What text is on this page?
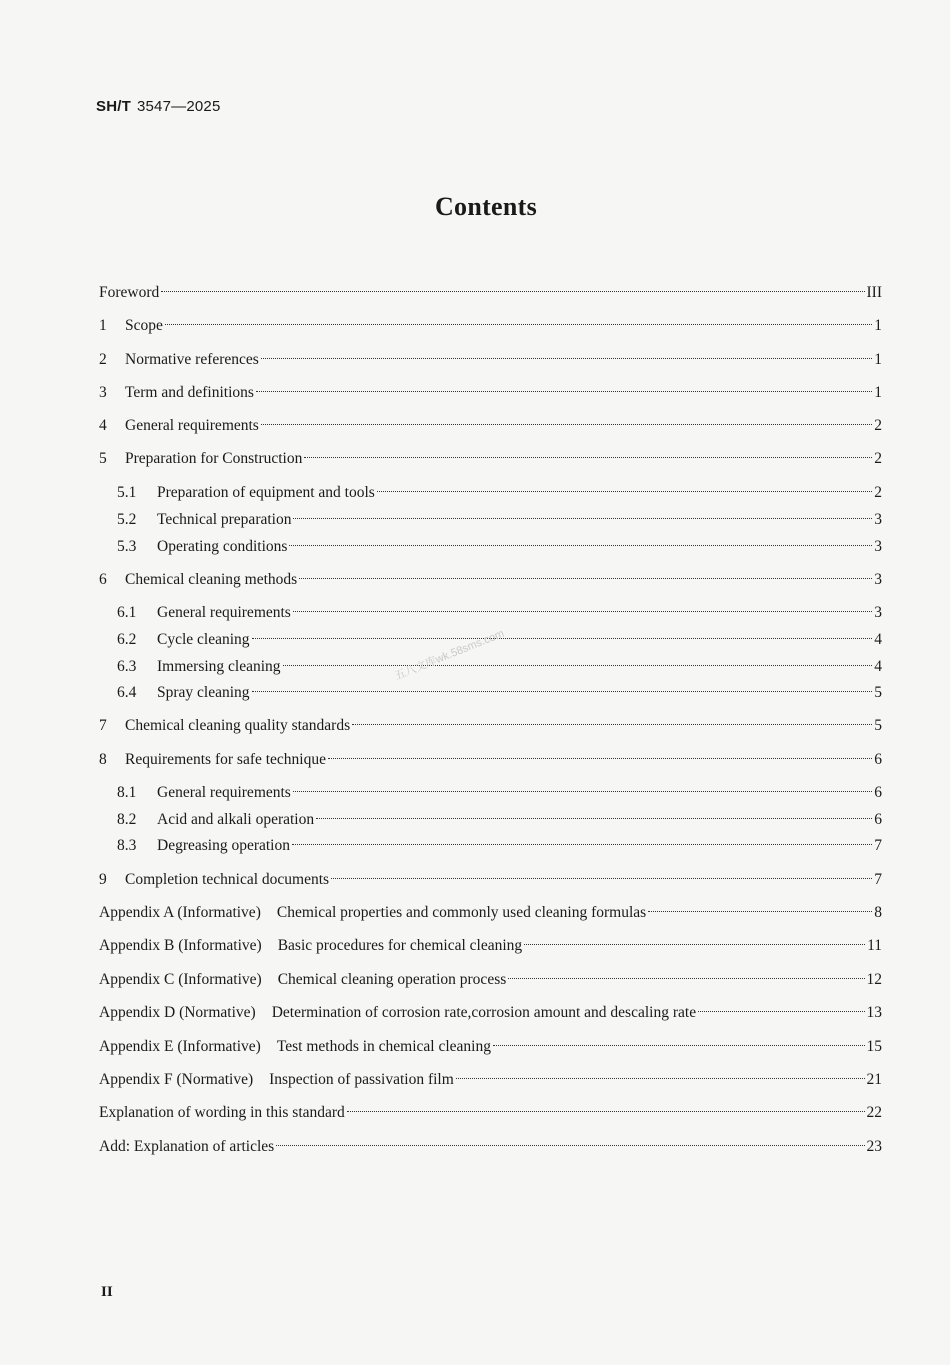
SH/T 3547—2025
Contents
Foreword	III
1	Scope	1
2	Normative references	1
3	Term and definitions	1
4	General requirements	2
5	Preparation for Construction	2
5.1	Preparation of equipment and tools	2
5.2	Technical preparation	3
5.3	Operating conditions	3
6	Chemical cleaning methods	3
6.1	General requirements	3
6.2	Cycle cleaning	4
6.3	Immersing cleaning	4
6.4	Spray cleaning	5
7	Chemical cleaning quality standards	5
8	Requirements for safe technique	6
8.1	General requirements	6
8.2	Acid and alkali operation	6
8.3	Degreasing operation	7
9	Completion technical documents	7
Appendix A (Informative) Chemical properties and commonly used cleaning formulas	8
Appendix B (Informative) Basic procedures for chemical cleaning	11
Appendix C (Informative) Chemical cleaning operation process	12
Appendix D (Normative) Determination of corrosion rate,corrosion amount and descaling rate	13
Appendix E (Informative) Test methods in chemical cleaning	15
Appendix F (Normative) Inspection of passivation film	21
Explanation of wording in this standard	22
Add: Explanation of articles	23
五八文库wk.58sms.com
II
